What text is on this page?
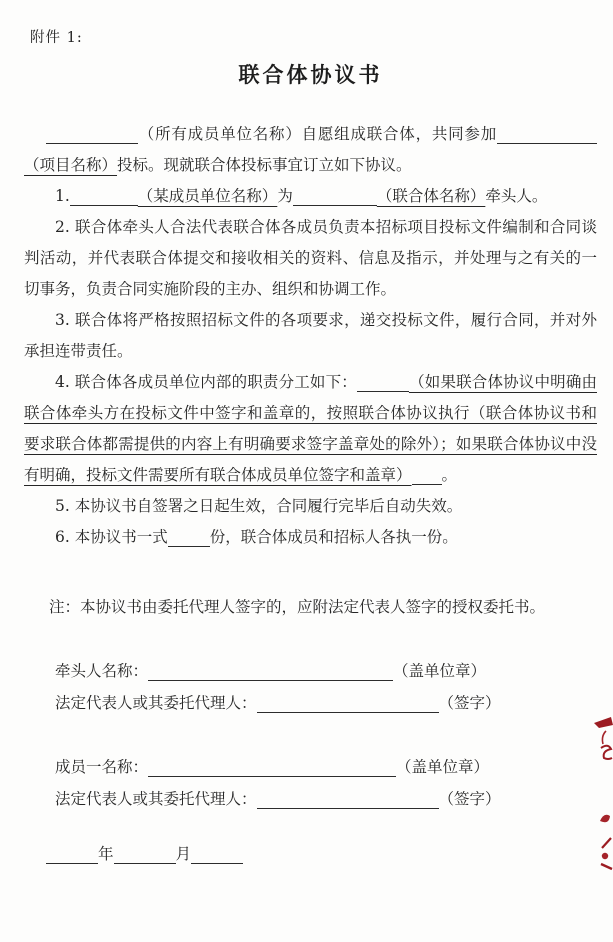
附件 1:
联合体协议书

（所有成员单位名称）自愿组成联合体，共同参加（项目名称）投标。现就联合体投标事宜订立如下协议。

1.	（某成员单位名称）为	（联合体名称）牵头人。

2. 联合体牵头人合法代表联合体各成员负责本招标项目投标文件编制和合同谈判活动，并代表联合体提交和接收相关的资料、信息及指示，并处理与之有关的一切事务，负责合同实施阶段的主办、组织和协调工作。

3. 联合体将严格按照招标文件的各项要求，递交投标文件，履行合同，并对外承担连带责任。

4. 联合体各成员单位内部的职责分工如下：	（如果联合体协议中明确由联合体牵头方在投标文件中签字和盖章的，按照联合体协议执行（联合体协议书和要求联合体都需提供的内容上有明确要求签字盖章处的除外）；如果联合体协议中没有明确，投标文件需要所有联合体成员单位签字和盖章） 。

5. 本协议书自签署之日起生效，合同履行完毕后自动失效。

6. 本协议书一式	份，联合体成员和招标人各执一份。

注：本协议书由委托代理人签字的，应附法定代表人签字的授权委托书。

牵头人名称：	（盖单位章）
法定代表人或其委托代理人：	（签字）
成员一名称：	（盖单位章）
法定代表人或其委托代理人：	（签字）
年	月
